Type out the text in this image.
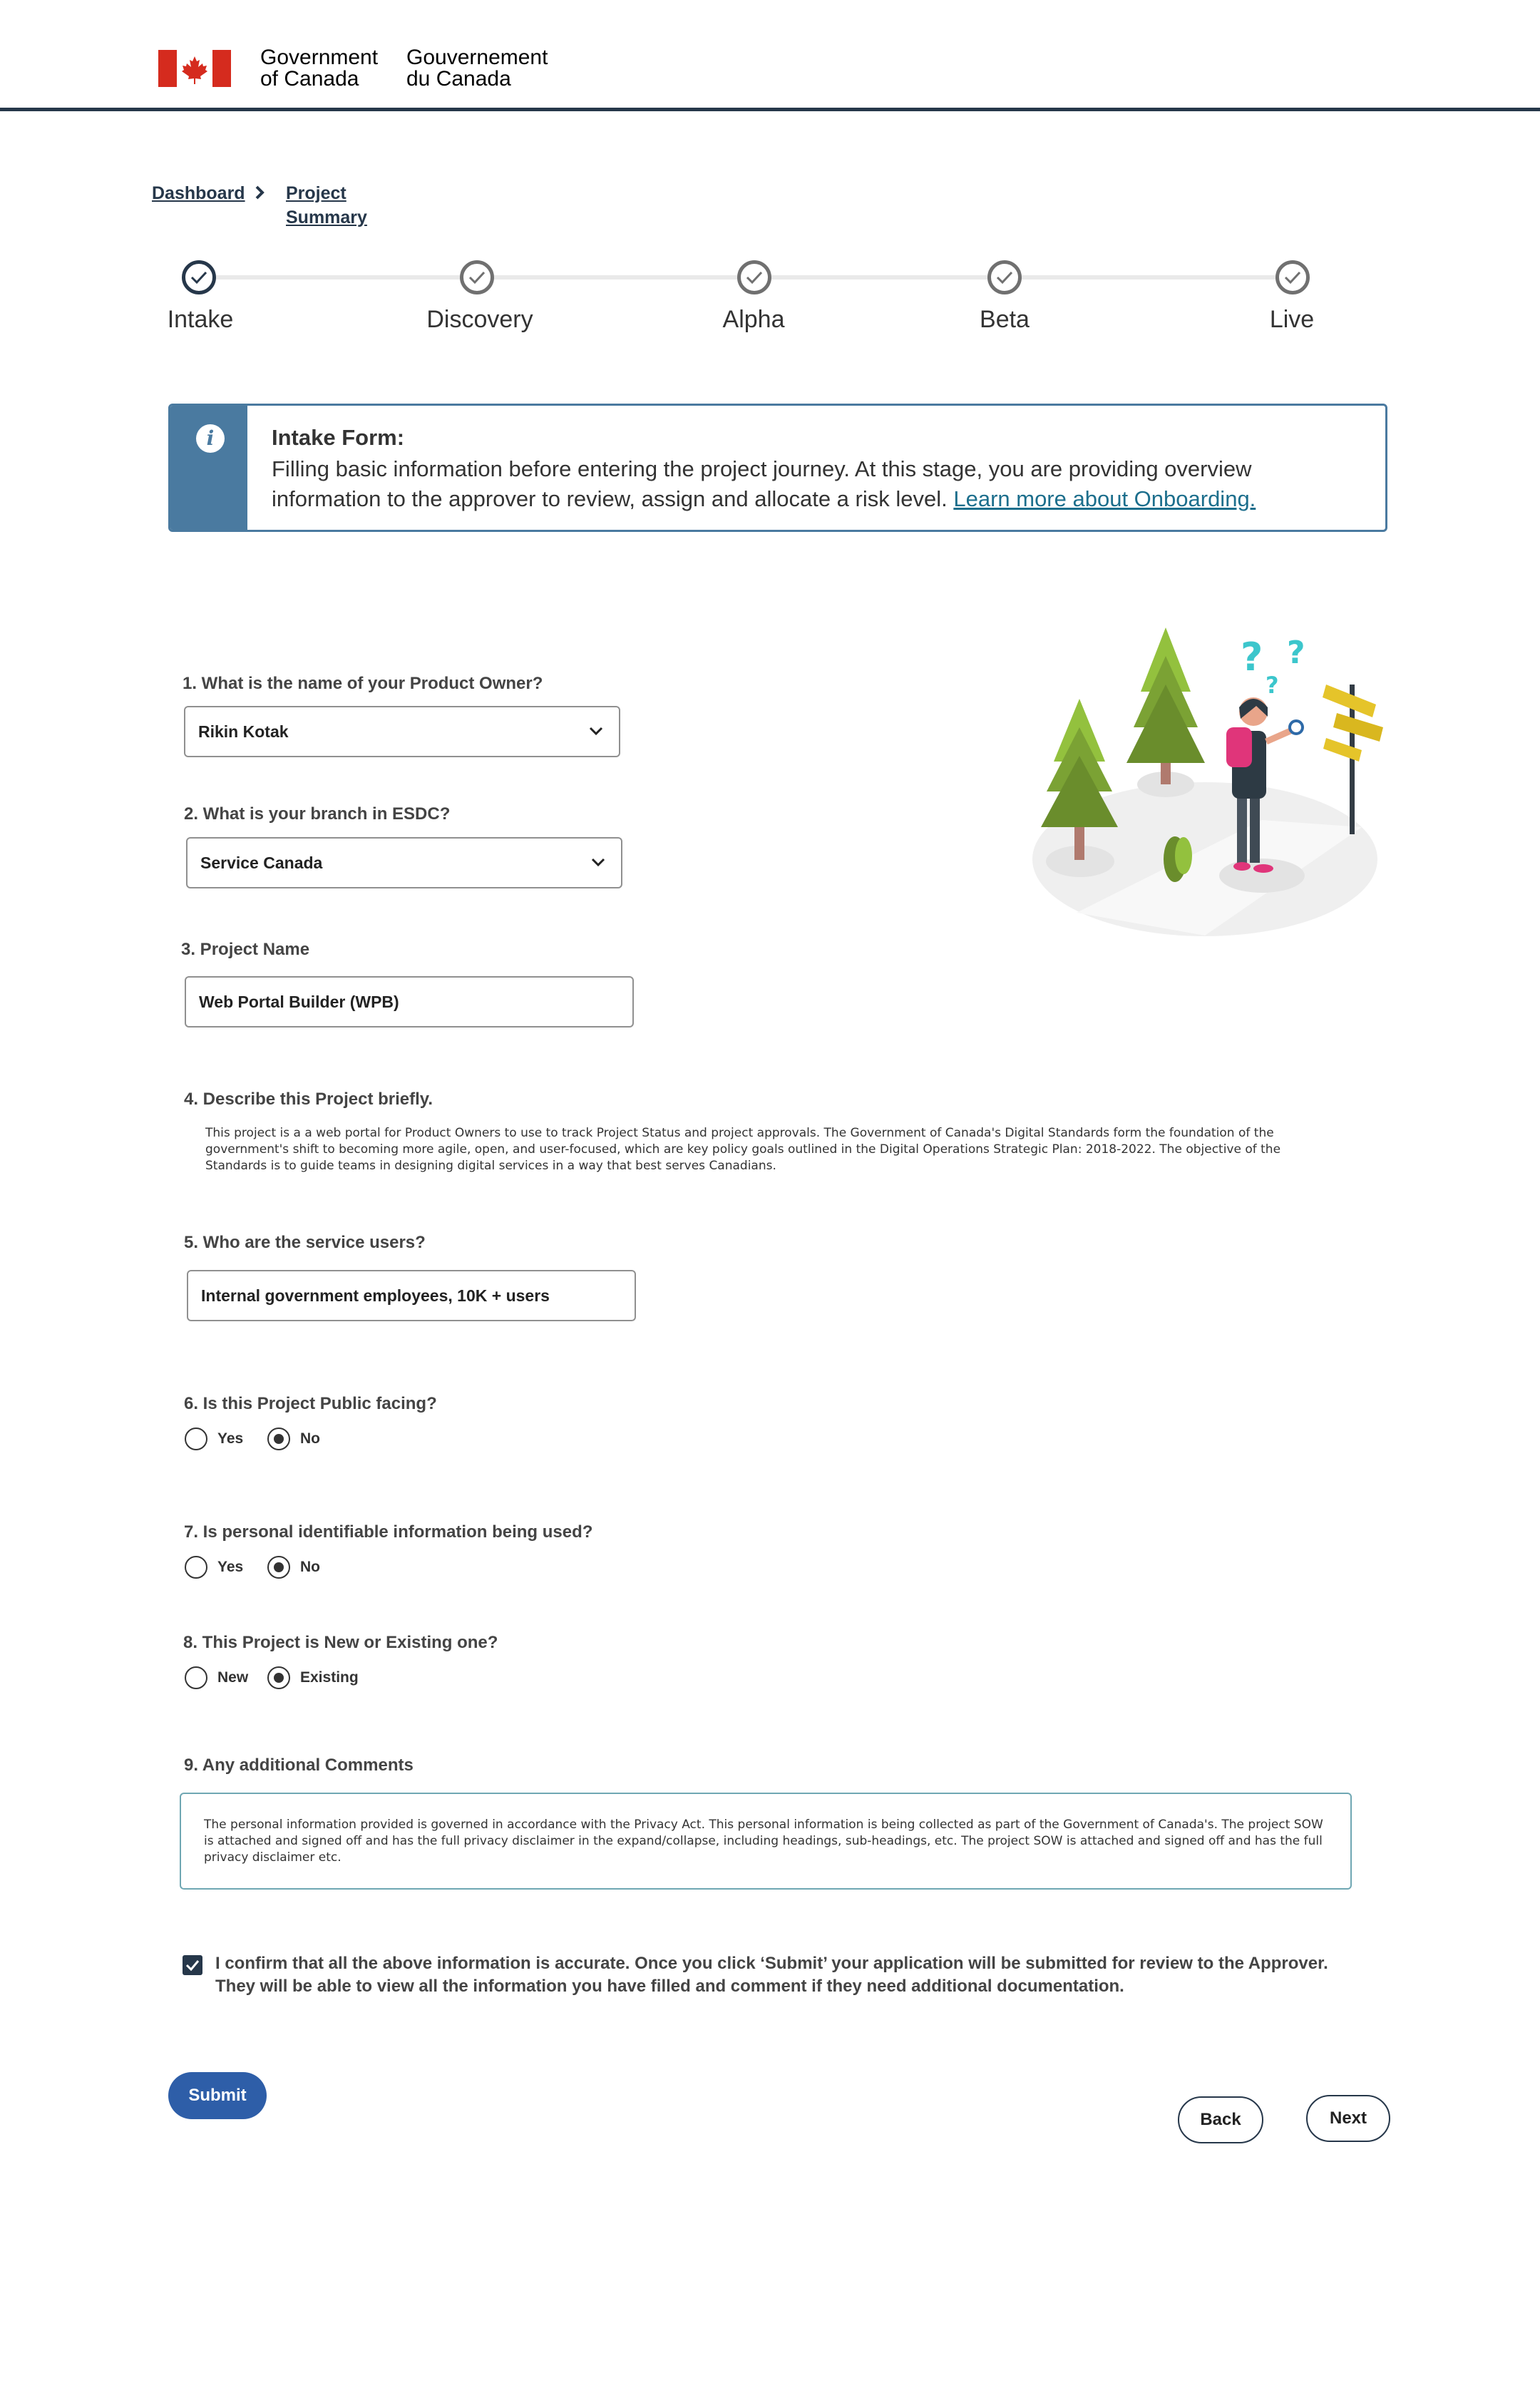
Government
of Canada
Gouvernement
du Canada
Dashboard Project
Summary
Intake	Discovery	Alpha	Beta	Live
i	Intake Form:
Filling basic information before entering the project journey. At this stage, you are providing overview information to the approver to review, assign and allocate a risk level. Learn more about Onboarding.
? ?
?
1. What is the name of your Product Owner?
Rikin Kotak
2. What is your branch in ESDC?
Service Canada
3. Project Name
Web Portal Builder (WPB)
4. Describe this Project briefly.
This project is a a web portal for Product Owners to use to track Project Status and project approvals. The Government of Canada's Digital Standards form the foundation of the government's shift to becoming more agile, open, and user-focused, which are key policy goals outlined in the Digital Operations Strategic Plan: 2018-2022. The objective of the Standards is to guide teams in designing digital services in a way that best serves Canadians.
5. Who are the service users?
Internal government employees, 10K + users
6. Is this Project Public facing?
Yes	No
7. Is personal identifiable information being used?
Yes	No
8. This Project is New or Existing one?
New	Existing
9. Any additional Comments
The personal information provided is governed in accordance with the Privacy Act. This personal information is being collected as part of the Government of Canada's. The project SOW is attached and signed off and has the full privacy disclaimer in the expand/collapse, including headings, sub-headings, etc. The project SOW is attached and signed off and has the full privacy disclaimer etc.
I confirm that all the above information is accurate. Once you click ‘Submit’ your application will be submitted for review to the Approver. They will be able to view all the information you have filled and comment if they need additional documentation.
Submit
Back	Next
